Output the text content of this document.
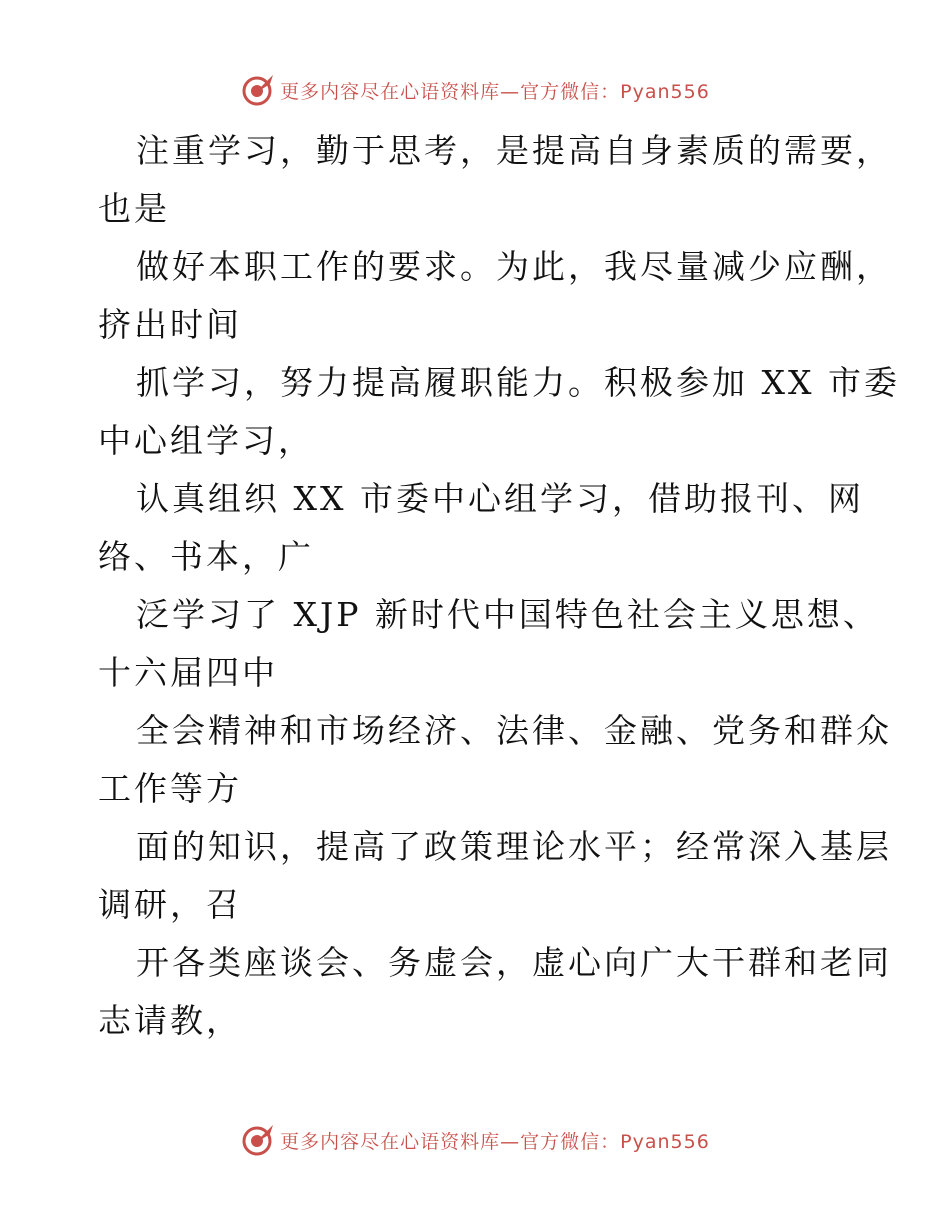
更多内容尽在心语资料库— 官方微信：Pyan556

注重学习，勤于思考，是提高自身素质的需要，

也是

做好本职工作的要求。为此，我尽量减少应酬，

挤出时间

抓学习，努力提高履职能力。积极参加 XX 市委

中心组学习，

认真组织 XX 市委中心组学习，借助报刊、网

络、书本，广

泛学习了 XJP 新时代中国特色社会主义思想、

十六届四中

全会精神和市场经济、法律、金融、党务和群众

工作等方

面的知识，提高了政策理论水平；经常深入基层

调研，召

开各类座谈会、务虚会，虚心向广大干群和老同

志请教，

更多内容尽在心语资料库— 官方微信：Pyan556
